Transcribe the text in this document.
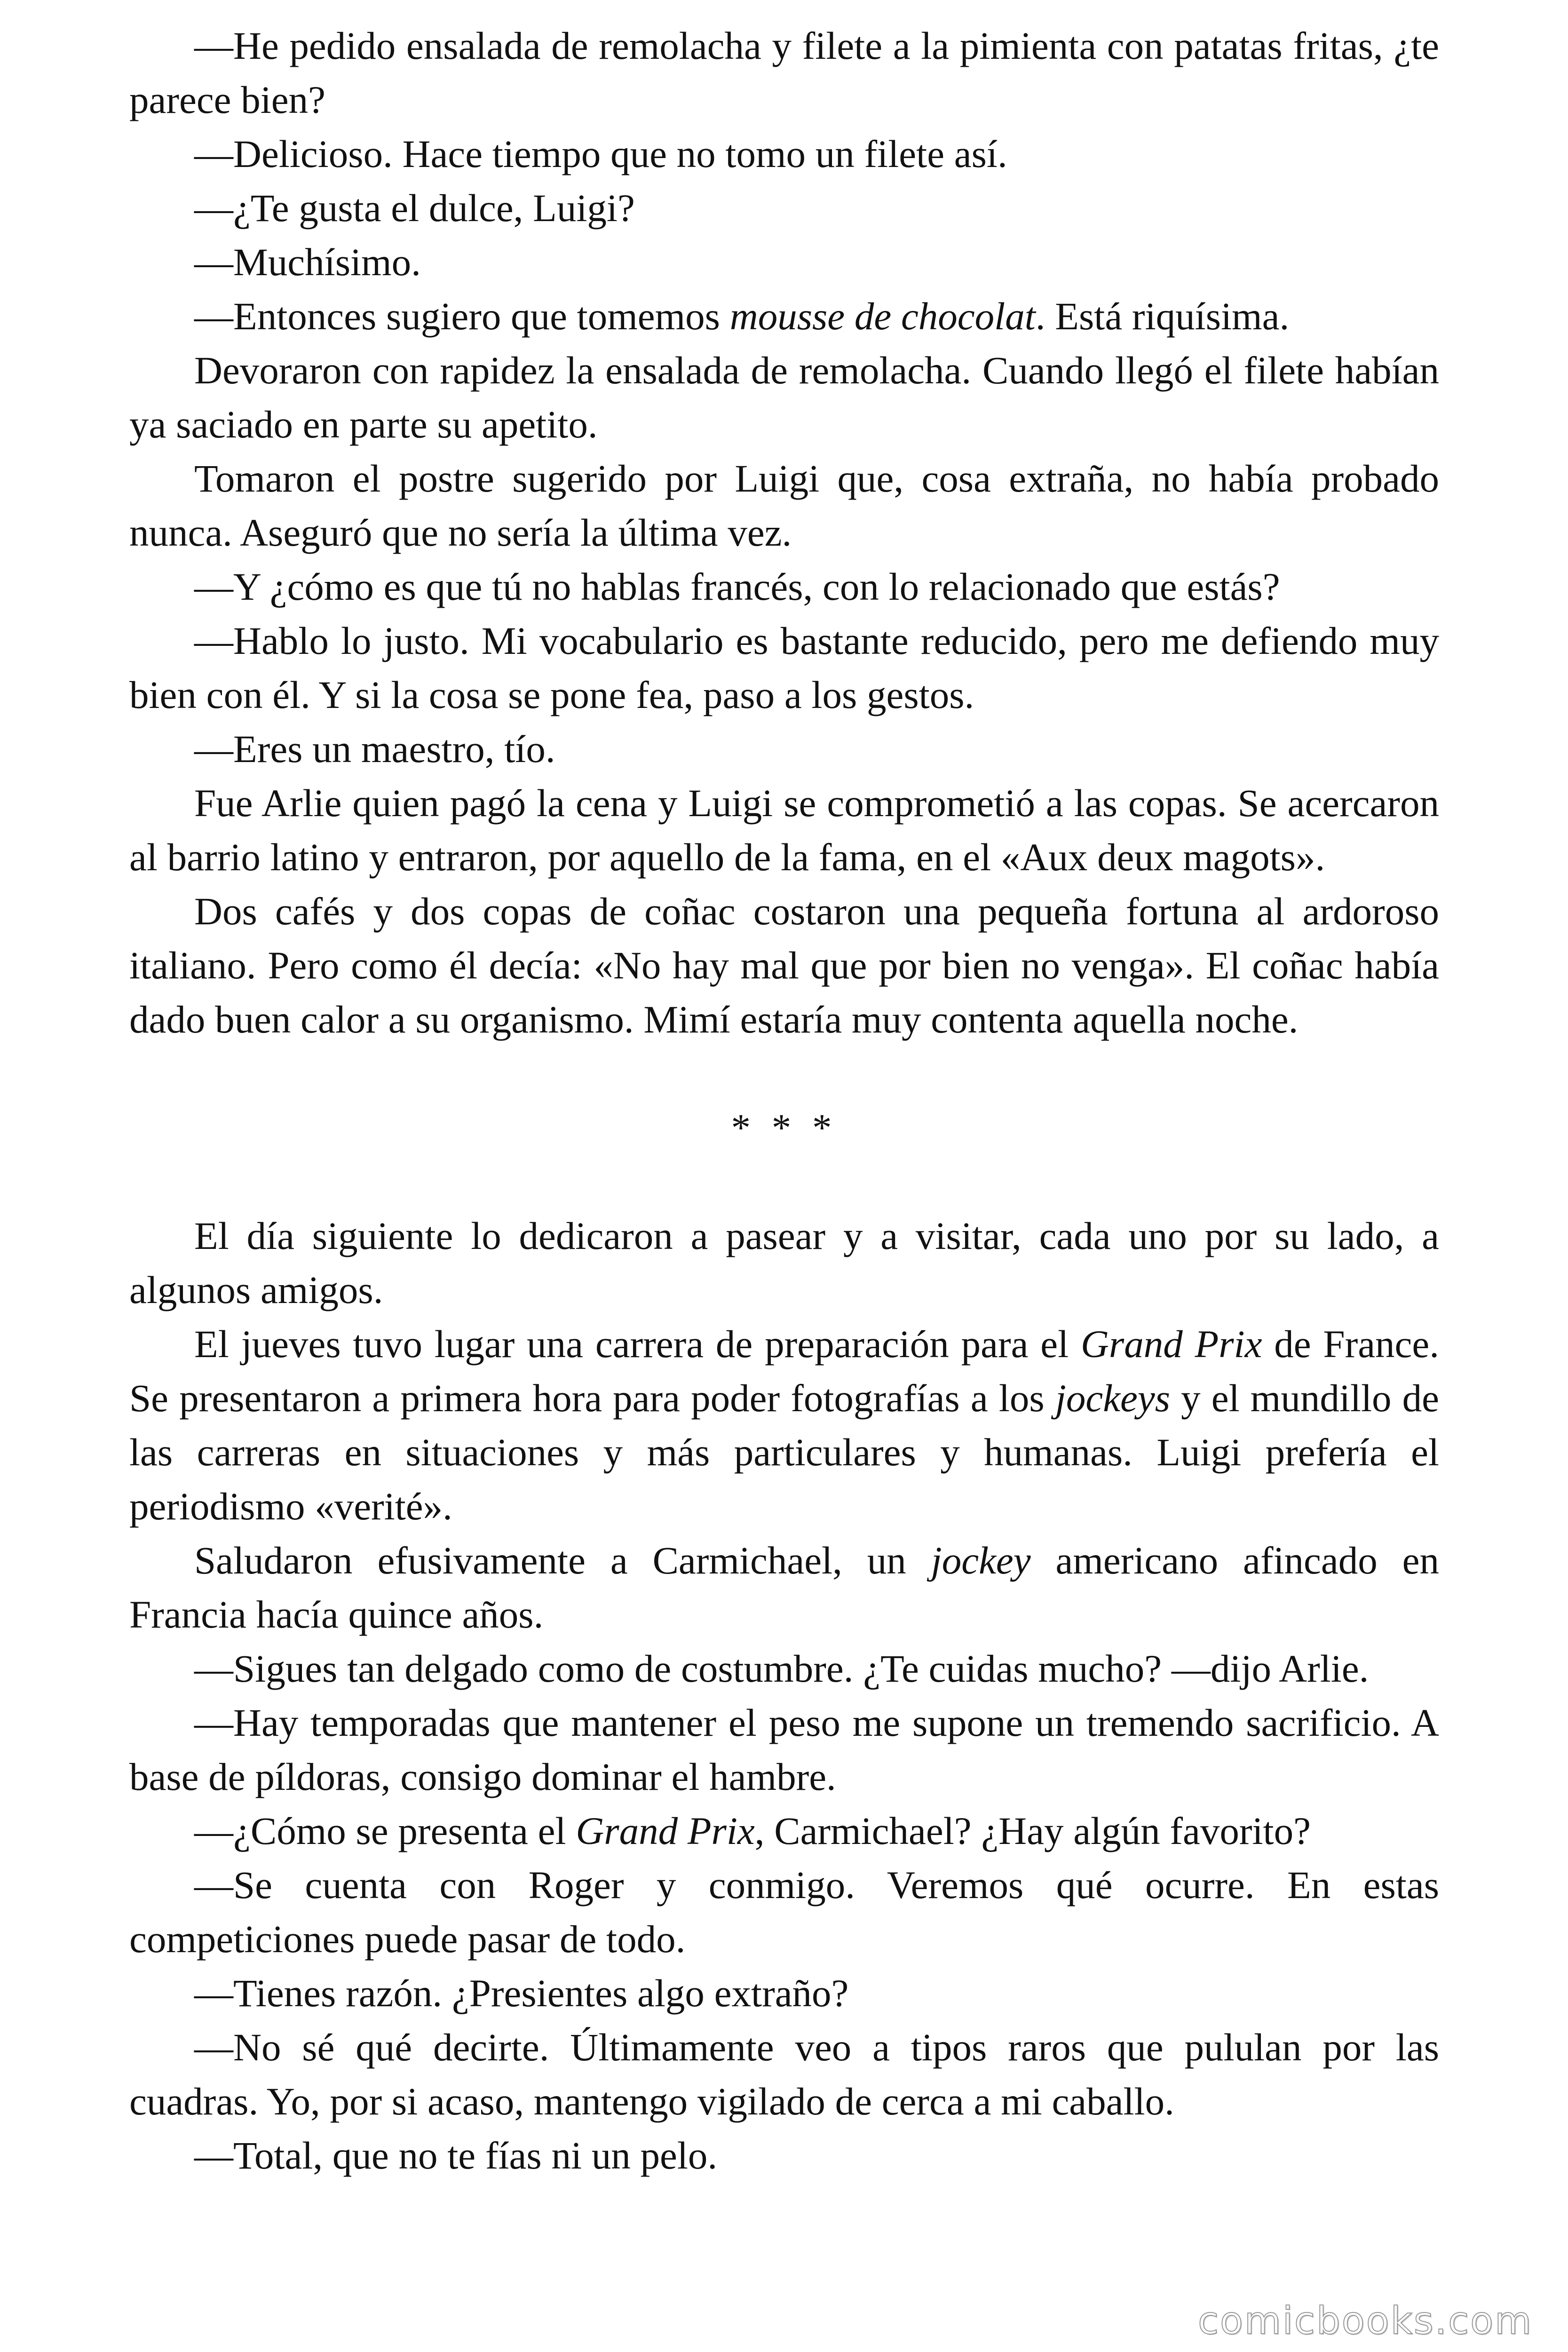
—He pedido ensalada de remolacha y filete a la pimienta con patatas fritas, ¿te parece bien?

—Delicioso. Hace tiempo que no tomo un filete así.

—¿Te gusta el dulce, Luigi?

—Muchísimo.

—Entonces sugiero que tomemos mousse de chocolat. Está riquísima.

Devoraron con rapidez la ensalada de remolacha. Cuando llegó el filete habían ya saciado en parte su apetito.

Tomaron el postre sugerido por Luigi que, cosa extraña, no había probado nunca. Aseguró que no sería la última vez.

—Y ¿cómo es que tú no hablas francés, con lo relacionado que estás?

—Hablo lo justo. Mi vocabulario es bastante reducido, pero me defiendo muy bien con él. Y si la cosa se pone fea, paso a los gestos.

—Eres un maestro, tío.

Fue Arlie quien pagó la cena y Luigi se comprometió a las copas. Se acercaron al barrio latino y entraron, por aquello de la fama, en el «Aux deux magots».

Dos cafés y dos copas de coñac costaron una pequeña fortuna al ardoroso italiano. Pero como él decía: «No hay mal que por bien no venga». El coñac había dado buen calor a su organismo. Mimí estaría muy contenta aquella noche.

* * *

El día siguiente lo dedicaron a pasear y a visitar, cada uno por su lado, a algunos amigos.

El jueves tuvo lugar una carrera de preparación para el Grand Prix de France. Se presentaron a primera hora para poder fotografías a los jockeys y el mundillo de las carreras en situaciones y más particulares y humanas. Luigi prefería el periodismo «verité».

Saludaron efusivamente a Carmichael, un jockey americano afincado en Francia hacía quince años.

—Sigues tan delgado como de costumbre. ¿Te cuidas mucho? —dijo Arlie.

—Hay temporadas que mantener el peso me supone un tremendo sacrificio. A base de píldoras, consigo dominar el hambre.

—¿Cómo se presenta el Grand Prix, Carmichael? ¿Hay algún favorito?

—Se cuenta con Roger y conmigo. Veremos qué ocurre. En estas competiciones puede pasar de todo.

—Tienes razón. ¿Presientes algo extraño?

—No sé qué decirte. Últimamente veo a tipos raros que pululan por las cuadras. Yo, por si acaso, mantengo vigilado de cerca a mi caballo.

—Total, que no te fías ni un pelo.

comicbooks.com
